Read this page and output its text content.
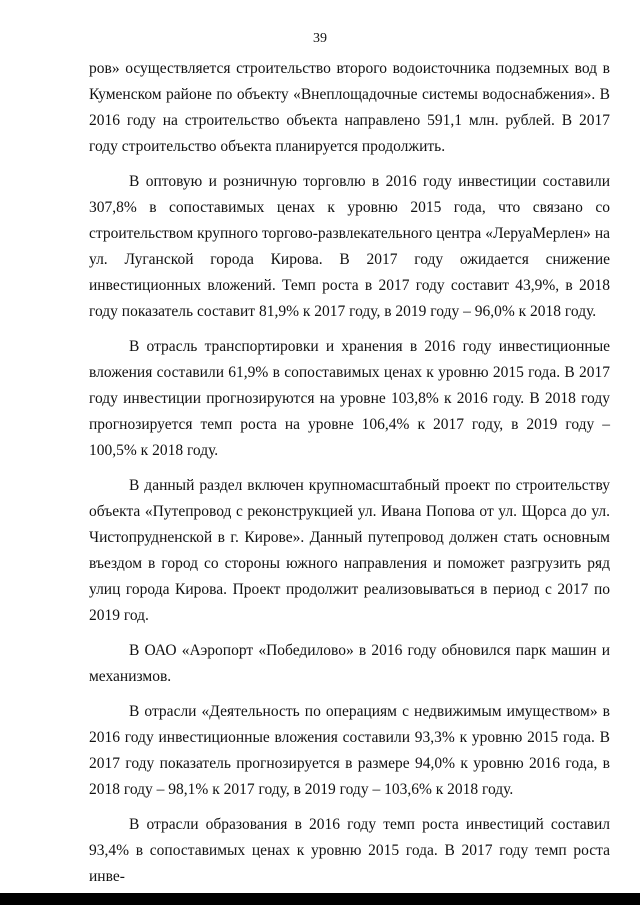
39

ров» осуществляется строительство второго водоисточника подземных вод в Куменском районе по объекту «Внеплощадочные системы водоснабжения». В 2016 году на строительство объекта направлено 591,1 млн. рублей. В 2017 году строительство объекта планируется продолжить.

В оптовую и розничную торговлю в 2016 году инвестиции составили 307,8% в сопоставимых ценах к уровню 2015 года, что связано со строительством крупного торгово-развлекательного центра «ЛеруаМерлен» на ул. Луганской города Кирова. В 2017 году ожидается снижение инвестиционных вложений. Темп роста в 2017 году составит 43,9%, в 2018 году показатель составит 81,9% к 2017 году, в 2019 году – 96,0% к 2018 году.

В отрасль транспортировки и хранения в 2016 году инвестиционные вложения составили 61,9% в сопоставимых ценах к уровню 2015 года. В 2017 году инвестиции прогнозируются на уровне 103,8% к 2016 году. В 2018 году прогнозируется темп роста на уровне 106,4% к 2017 году, в 2019 году – 100,5% к 2018 году.

В данный раздел включен крупномасштабный проект по строительству объекта «Путепровод с реконструкцией ул. Ивана Попова от ул. Щорса до ул. Чистопрудненской в г. Кирове». Данный путепровод должен стать основным въездом в город со стороны южного направления и поможет разгрузить ряд улиц города Кирова. Проект продолжит реализовываться в период с 2017 по 2019 год.

В ОАО «Аэропорт «Победилово» в 2016 году обновился парк машин и механизмов.

В отрасли «Деятельность по операциям с недвижимым имуществом» в 2016 году инвестиционные вложения составили 93,3% к уровню 2015 года. В 2017 году показатель прогнозируется в размере 94,0% к уровню 2016 года, в 2018 году – 98,1% к 2017 году, в 2019 году – 103,6% к 2018 году.

В отрасли образования в 2016 году темп роста инвестиций составил 93,4% в сопоставимых ценах к уровню 2015 года. В 2017 году темп роста инве-
